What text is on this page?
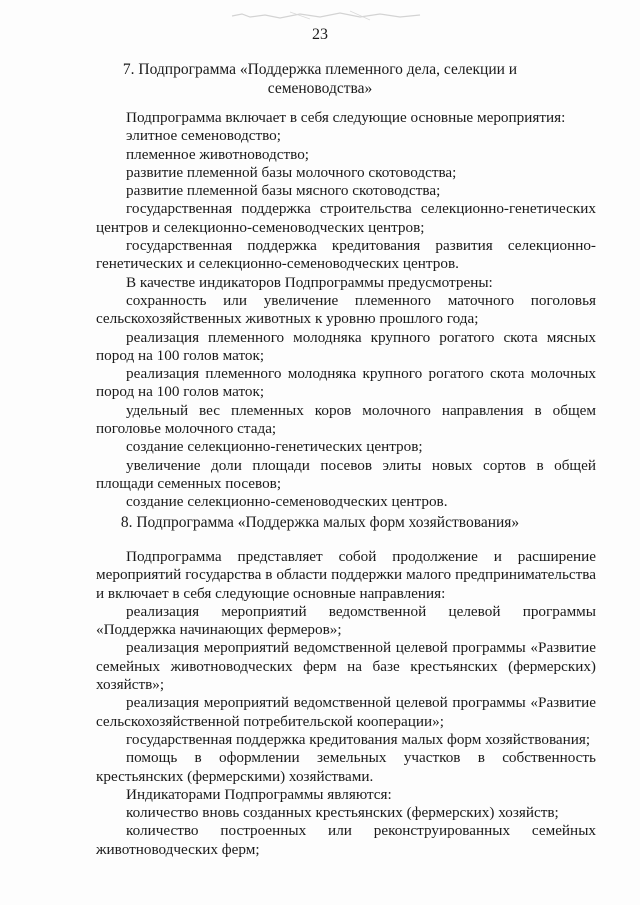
23
7. Подпрограмма «Поддержка племенного дела, селекции и
семеноводства»

Подпрограмма включает в себя следующие основные мероприятия:

элитное семеноводство;

племенное животноводство;

развитие племенной базы молочного скотоводства;

развитие племенной базы мясного скотоводства;

государственная поддержка строительства селекционно-генетических центров и селекционно-семеноводческих центров;

государственная поддержка кредитования развития селекционно-генетических и селекционно-семеноводческих центров.

В качестве индикаторов Подпрограммы предусмотрены:

сохранность или увеличение племенного маточного поголовья сельскохозяйственных животных к уровню прошлого года;

реализация племенного молодняка крупного рогатого скота мясных пород на 100 голов маток;

реализация племенного молодняка крупного рогатого скота молочных пород на 100 голов маток;

удельный вес племенных коров молочного направления в общем поголовье молочного стада;

создание селекционно-генетических центров;

увеличение доли площади посевов элиты новых сортов в общей площади семенных посевов;

создание селекционно-семеноводческих центров.

8. Подпрограмма «Поддержка малых форм хозяйствования»

Подпрограмма представляет собой продолжение и расширение мероприятий государства в области поддержки малого предпринимательства и включает в себя следующие основные направления:

реализация мероприятий ведомственной целевой программы «Поддержка начинающих фермеров»;

реализация мероприятий ведомственной целевой программы «Развитие семейных животноводческих ферм на базе крестьянских (фермерских) хозяйств»;

реализация мероприятий ведомственной целевой программы «Развитие сельскохозяйственной потребительской кооперации»;

государственная поддержка кредитования малых форм хозяйствования;

помощь в оформлении земельных участков в собственность крестьянских (фермерскими) хозяйствами.

Индикаторами Подпрограммы являются:

количество вновь созданных крестьянских (фермерских) хозяйств;

количество построенных или реконструированных семейных животноводческих ферм;
